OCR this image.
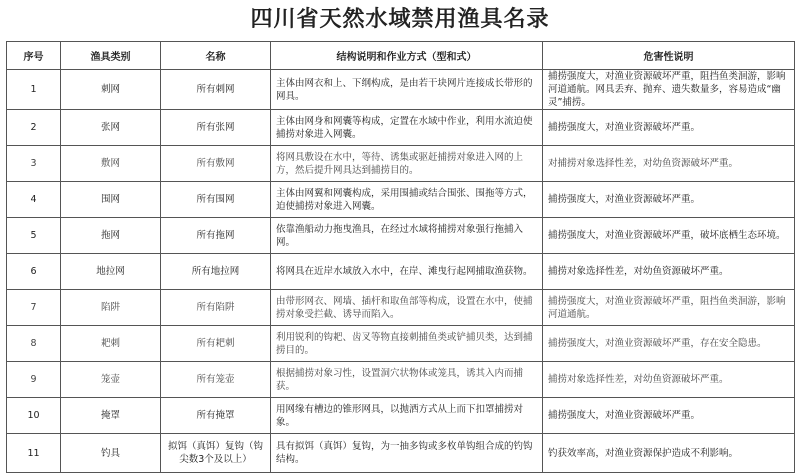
四川省天然水域禁用渔具名录
序号	渔具类别	名称	结构说明和作业方式（型和式）	危害性说明
1	刺网	所有刺网	主体由网衣和上、下纲构成，是由若干块网片连接成长带形的网具。	捕捞强度大，对渔业资源破坏严重，阻挡鱼类洄游，影响河道通航。网具丢弃、抛弃、遗失数量多，容易造成“幽灵”捕捞。
2	张网	所有张网	主体由网身和网囊等构成，定置在水域中作业，利用水流迫使捕捞对象进入网囊。	捕捞强度大，对渔业资源破坏严重。
3	敷网	所有敷网	将网具敷设在水中，等待、诱集或驱赶捕捞对象进入网的上方，然后提升网具达到捕捞目的。	对捕捞对象选择性差，对幼鱼资源破坏严重。
4	围网	所有围网	主体由网翼和网囊构成，采用围捕或结合围张、围拖等方式，迫使捕捞对象进入网囊。	捕捞强度大，对渔业资源破坏严重。
5	拖网	所有拖网	依靠渔船动力拖曳渔具，在经过水域将捕捞对象强行拖捕入网。	捕捞强度大，对渔业资源破坏严重，破坏底栖生态环境。
6	地拉网	所有地拉网	将网具在近岸水域放入水中，在岸、滩曳行起网捕取渔获物。	捕捞对象选择性差，对幼鱼资源破坏严重。
7	陷阱	所有陷阱	由带形网衣、网墙、插杆和取鱼部等构成，设置在水中，使捕捞对象受拦截、诱导而陷入。	捕捞强度大，对渔业资源破坏严重，阻挡鱼类洄游，影响河道通航。
8	耙刺	所有耙刺	利用锐利的钩耙、齿叉等物直接刺捕鱼类或铲捕贝类，达到捕捞目的。	捕捞强度大，对渔业资源破坏严重，存在安全隐患。
9	笼壶	所有笼壶	根据捕捞对象习性，设置洞穴状物体或笼具，诱其入内而捕获。	捕捞对象选择性差，对幼鱼资源破坏严重。
10	掩罩	所有掩罩	用网缘有槽边的锥形网具，以抛洒方式从上而下扣罩捕捞对象。	捕捞强度大，对渔业资源破坏严重。
11	钓具	拟饵（真饵）复钩（钩尖数3个及以上）	具有拟饵（真饵）复钩，为一抽多钩或多枚单钩组合成的钓钩结构。	钓获效率高，对渔业资源保护造成不利影响。
